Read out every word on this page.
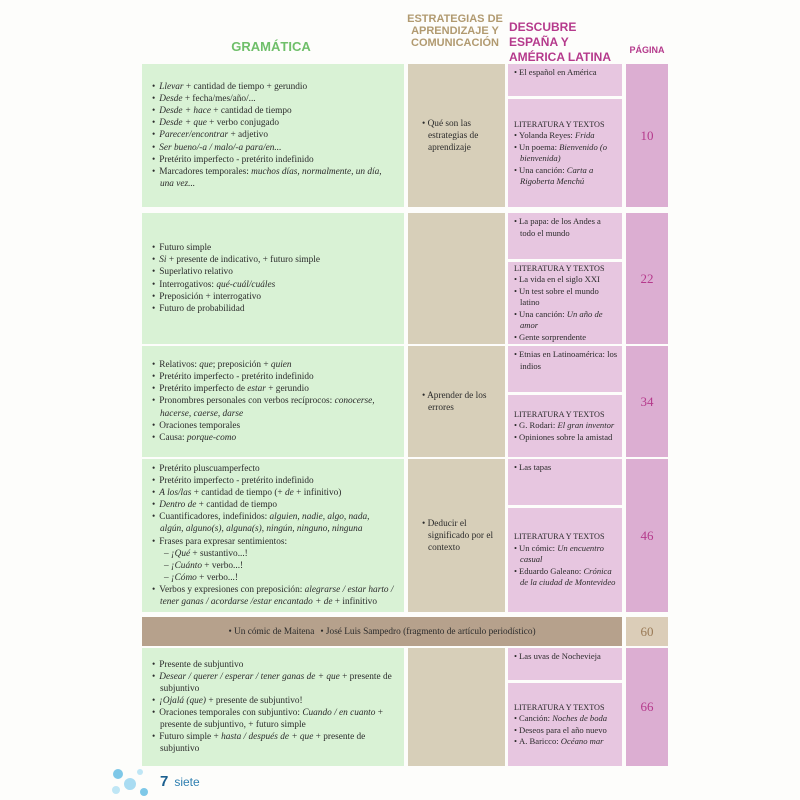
GRAMÁTICA
ESTRATEGIAS DE APRENDIZAJE Y COMUNICACIÓN
DESCUBRE ESPAÑA Y AMÉRICA LATINA	PÁGINA
• Llevar + cantidad de tiempo + gerundio
• Desde + fecha/mes/año/...
• Desde + hace + cantidad de tiempo
• Desde + que + verbo conjugado
• Parecer/encontrar + adjetivo
• Ser bueno/-a / malo/-a para/en...
• Pretérito imperfecto - pretérito indefinido
• Marcadores temporales: muchos días, normalmente, un día, una vez...
• Qué son las estrategias de aprendizaje
• El español en América
LITERATURA Y TEXTOS
• Yolanda Reyes: Frida
• Un poema: Bienvenido (o bienvenida)
• Una canción: Carta a Rigoberta Menchú
10
• Futuro simple
• Si + presente de indicativo, + futuro simple
• Superlativo relativo
• Interrogativos: qué-cuál/cuáles
• Preposición + interrogativo
• Futuro de probabilidad
• La papa: de los Andes a todo el mundo
LITERATURA Y TEXTOS
• La vida en el siglo XXI
• Un test sobre el mundo latino
• Una canción: Un año de amor
• Gente sorprendente
22
• Relativos: que; preposición + quien
• Pretérito imperfecto - pretérito indefinido
• Pretérito imperfecto de estar + gerundio
• Pronombres personales con verbos recíprocos: conocerse, hacerse, caerse, darse
• Oraciones temporales
• Causa: porque-como
• Aprender de los errores
• Etnias en Latinoamérica: los indios
LITERATURA Y TEXTOS
• G. Rodari: El gran inventor
• Opiniones sobre la amistad
34
• Pretérito pluscuamperfecto
• Pretérito imperfecto - pretérito indefinido
• A los/las + cantidad de tiempo (+ de + infinitivo)
• Dentro de + cantidad de tiempo
• Cuantificadores, indefinidos: alguien, nadie, algo, nada, algún, alguno(s), alguna(s), ningún, ninguno, ninguna
• Frases para expresar sentimientos:
– ¡Qué + sustantivo...!
– ¡Cuánto + verbo...!
– ¡Cómo + verbo...!
• Verbos y expresiones con preposición: alegrarse / estar harto / tener ganas / acordarse /estar encantado + de + infinitivo
• Deducir el significado por el contexto
• Las tapas
LITERATURA Y TEXTOS
• Un cómic: Un encuentro casual
• Eduardo Galeano: Crónica de la ciudad de Montevideo
46
• Presente de subjuntivo
• Desear / querer / esperar / tener ganas de + que + presente de subjuntivo
• ¡Ojalá (que) + presente de subjuntivo!
• Oraciones temporales con subjuntivo: Cuando / en cuanto + presente de subjuntivo, + futuro simple
• Futuro simple + hasta / después de + que + presente de subjuntivo
• Las uvas de Nochevieja
LITERATURA Y TEXTOS
• Canción: Noches de boda
• Deseos para el año nuevo
• A. Baricco: Océano mar
66
• Un cómic de Maitena • José Luis Sampedro (fragmento de artículo periodístico)	60
7 siete
